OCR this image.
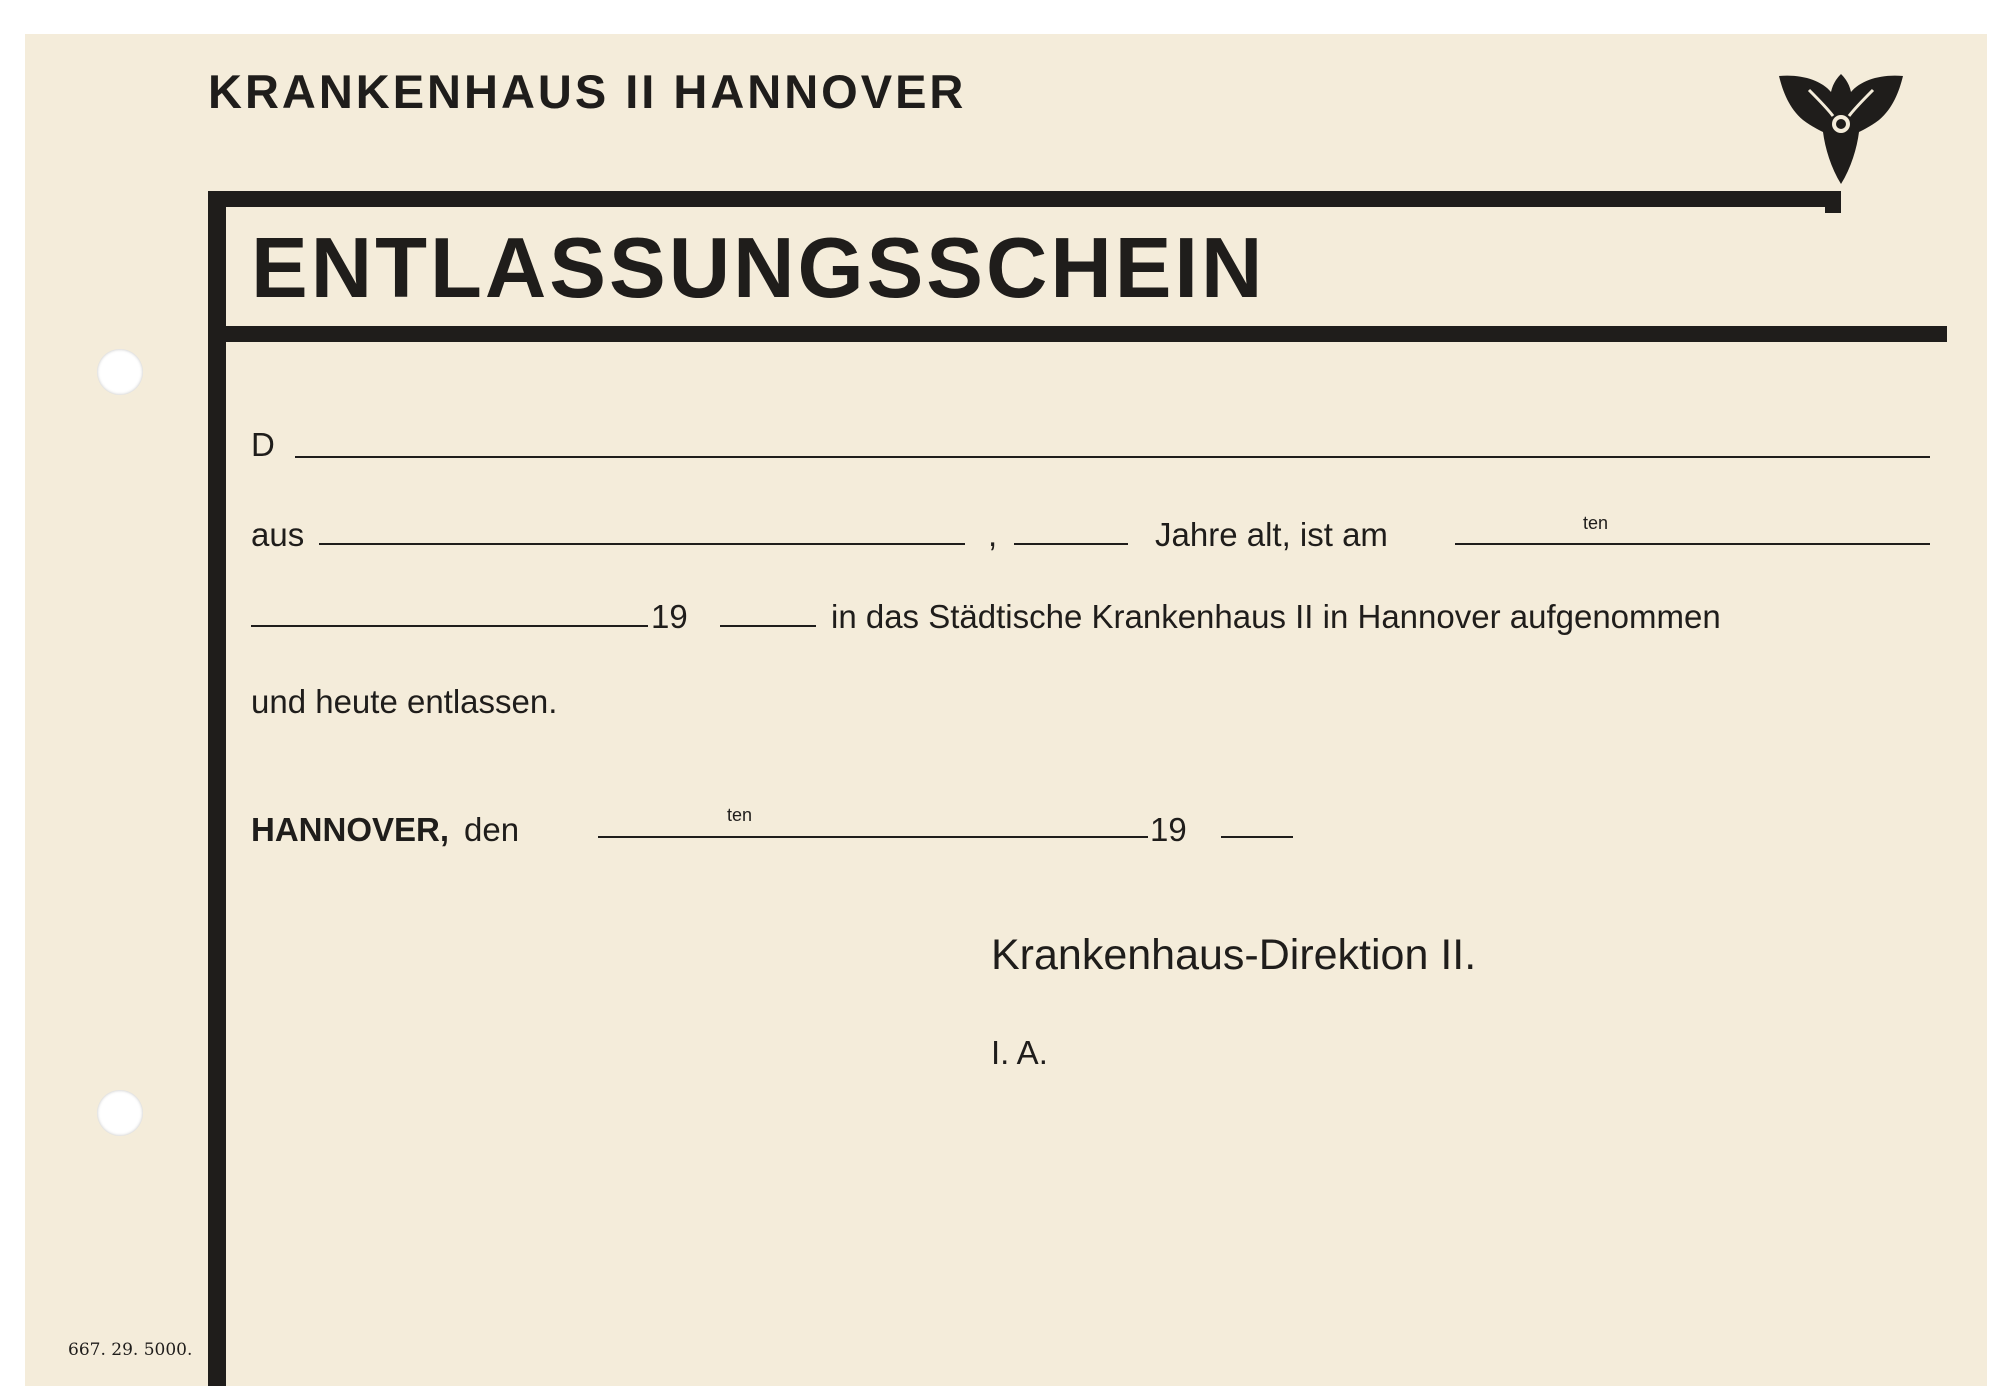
KRANKENHAUS II HANNOVER
ENTLASSUNGSSCHEIN
D
aus	,	Jahre alt, ist am	ten
19	in das Städtische Krankenhaus II in Hannover aufgenommen
und heute entlassen.
HANNOVER, den	ten	19
Krankenhaus-Direktion II.
I. A.
667. 29. 5000.
